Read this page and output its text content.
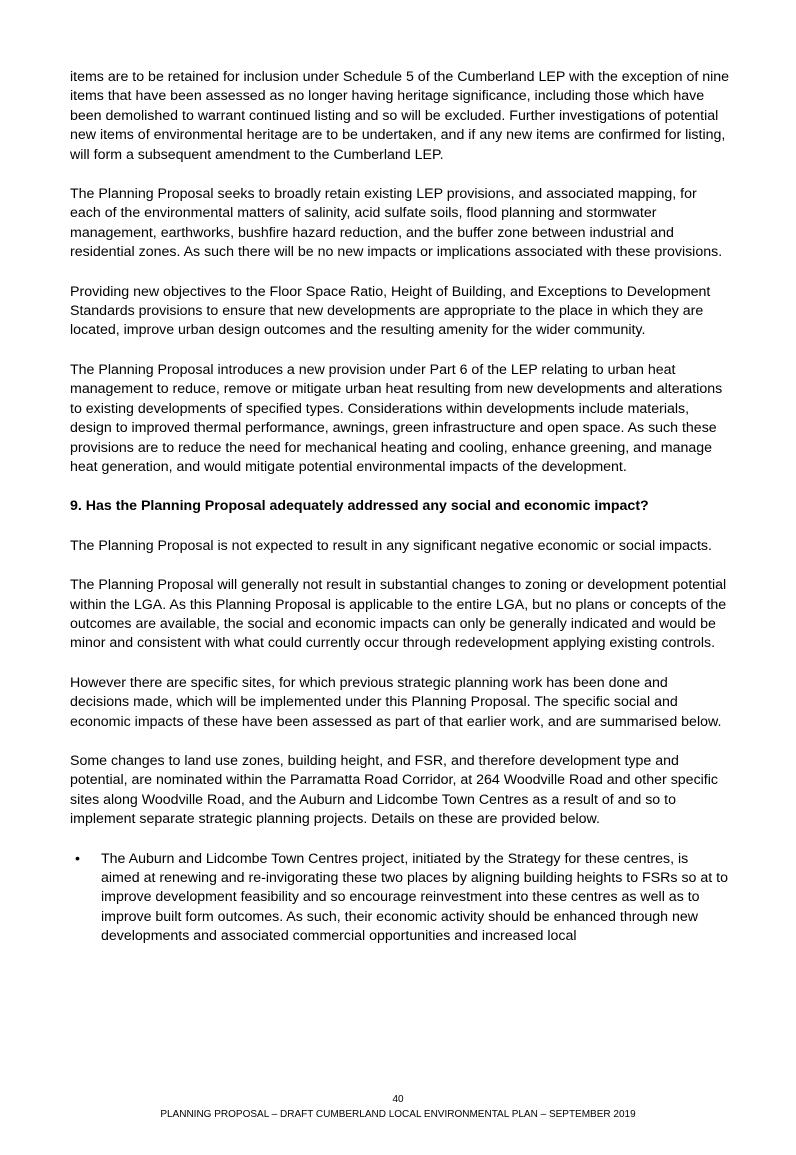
items are to be retained for inclusion under Schedule 5 of the Cumberland LEP with the exception of nine items that have been assessed as no longer having heritage significance, including those which have been demolished to warrant continued listing and so will be excluded. Further investigations of potential new items of environmental heritage are to be undertaken, and if any new items are confirmed for listing, will form a subsequent amendment to the Cumberland LEP.

The Planning Proposal seeks to broadly retain existing LEP provisions, and associated mapping, for each of the environmental matters of salinity, acid sulfate soils, flood planning and stormwater management, earthworks, bushfire hazard reduction, and the buffer zone between industrial and residential zones. As such there will be no new impacts or implications associated with these provisions.

Providing new objectives to the Floor Space Ratio, Height of Building, and Exceptions to Development Standards provisions to ensure that new developments are appropriate to the place in which they are located, improve urban design outcomes and the resulting amenity for the wider community.

The Planning Proposal introduces a new provision under Part 6 of the LEP relating to urban heat management to reduce, remove or mitigate urban heat resulting from new developments and alterations to existing developments of specified types. Considerations within developments include materials, design to improved thermal performance, awnings, green infrastructure and open space. As such these provisions are to reduce the need for mechanical heating and cooling, enhance greening, and manage heat generation, and would mitigate potential environmental impacts of the development.

9. Has the Planning Proposal adequately addressed any social and economic impact?

The Planning Proposal is not expected to result in any significant negative economic or social impacts.

The Planning Proposal will generally not result in substantial changes to zoning or development potential within the LGA. As this Planning Proposal is applicable to the entire LGA, but no plans or concepts of the outcomes are available, the social and economic impacts can only be generally indicated and would be minor and consistent with what could currently occur through redevelopment applying existing controls.

However there are specific sites, for which previous strategic planning work has been done and decisions made, which will be implemented under this Planning Proposal. The specific social and economic impacts of these have been assessed as part of that earlier work, and are summarised below.

Some changes to land use zones, building height, and FSR, and therefore development type and potential, are nominated within the Parramatta Road Corridor, at 264 Woodville Road and other specific sites along Woodville Road, and the Auburn and Lidcombe Town Centres as a result of and so to implement separate strategic planning projects. Details on these are provided below.

• The Auburn and Lidcombe Town Centres project, initiated by the Strategy for these centres, is aimed at renewing and re-invigorating these two places by aligning building heights to FSRs so at to improve development feasibility and so encourage reinvestment into these centres as well as to improve built form outcomes. As such, their economic activity should be enhanced through new developments and associated commercial opportunities and increased local
40
PLANNING PROPOSAL – DRAFT CUMBERLAND LOCAL ENVIRONMENTAL PLAN – SEPTEMBER 2019
